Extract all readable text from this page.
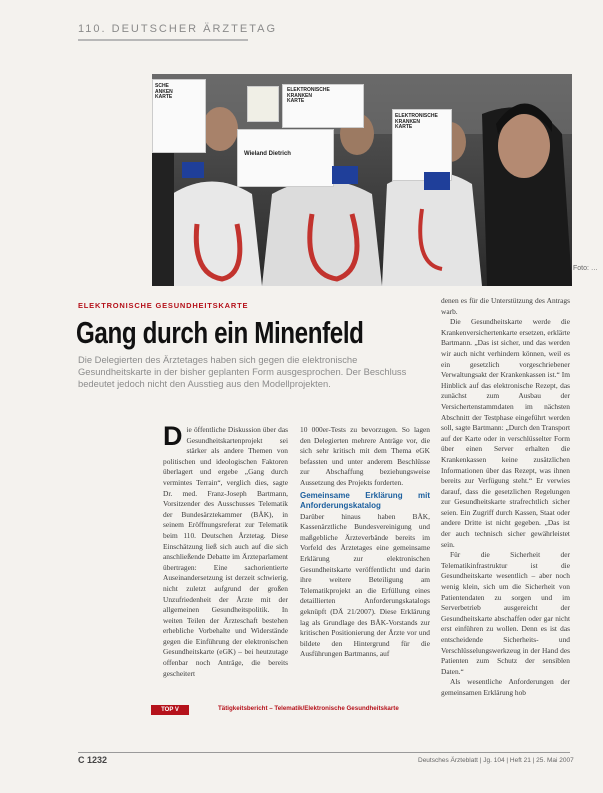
110. DEUTSCHER ÄRZTETAG
SCHE
ANKEN
KARTE
Wieland Dietrich
ELEKTRONISCHE
KRANKEN
KARTE
ELEKTRONISCHE
KRANKEN
KARTE
Foto: …
ELEKTRONISCHE GESUNDHEITSKARTE
Gang durch ein Minenfeld
Die Delegierten des Ärztetages haben sich gegen die elektronische Gesundheitskarte in der bisher geplanten Form ausgesprochen. Der Beschluss bedeutet jedoch nicht den Ausstieg aus den Modellprojekten.
D ie öffentliche Diskussion über das Gesundheitskartenprojekt sei stärker als andere Themen von politischen und ideologischen Faktoren überlagert und ergebe „Gang durch vermintes Terrain“, verglich dies, sagte Dr. med. Franz-Joseph Bartmann, Vorsitzender des Ausschusses Telematik der Bundesärztekammer (BÄK), in seinem Eröffnungsreferat zur Telematik beim 110. Deutschen Ärztetag. Diese Einschätzung ließ sich auch auf die sich anschließende Debatte im Ärzteparlament übertragen: Eine sachorientierte Auseinandersetzung ist derzeit schwierig, nicht zuletzt aufgrund der großen Unzufriedenheit der Ärzte mit der allgemeinen Gesundheitspolitik. In weiten Teilen der Ärzteschaft bestehen erhebliche Vorbehalte und Widerstände gegen die Einführung der elektronischen Gesundheitskarte (eGK) – bei heutzutage offenbar noch Anträge, die bereits gescheitert

10 000er-Tests zu bevorzugen. So lagen den Delegierten mehrere Anträge vor, die sich sehr kritisch mit dem Thema eGK befassten und unter anderem Beschlüsse zur Abschaffung beziehungsweise Aussetzung des Projekts forderten.

Gemeinsame Erklärung mit Anforderungskatalog

Darüber hinaus haben BÄK, Kassenärztliche Bundesvereinigung und maßgebliche Ärzteverbände bereits im Vorfeld des Ärztetages eine gemeinsame Erklärung zur elektronischen Gesundheitskarte veröffentlicht und darin ihre weitere Beteiligung am Telematikprojekt an die Erfüllung eines detaillierten Anforderungskatalogs geknüpft (DÄ 21/2007). Diese Erklärung lag als Grundlage des BÄK-Vorstands zur kritischen Positionierung der Ärzte vor und bildete den Hintergrund für die Ausführungen Bartmanns, auf

denen es für die Unterstützung des Antrags warb.

Die Gesundheitskarte werde die Krankenversichertenkarte ersetzen, erklärte Bartmann. „Das ist sicher, und das werden wir auch nicht verhindern können, weil es ein gesetzlich vorgeschriebener Verwaltungsakt der Krankenkassen ist.“ Im Hinblick auf das elektronische Rezept, das zunächst zum Ausbau der Versichertenstammdaten im nächsten Abschnitt der Testphase eingeführt werden soll, sagte Bartmann: „Durch den Transport auf der Karte oder in verschlüsselter Form über einen Server erhalten die Krankenkassen keine zusätzlichen Informationen über das Rezept, was ihnen bereits zur Verfügung steht.“ Er verwies darauf, dass die gesetzlichen Regelungen zur Gesundheitskarte strafrechtlich sicher seien. Ein Zugriff durch Kassen, Staat oder andere Dritte ist nicht gegeben. „Das ist der auch technisch sicher gewährleistet sein.

Für die Sicherheit der Telematikinfrastruktur ist die Gesundheitskarte wesentlich – aber noch wenig klein, sich um die Sicherheit von Patientendaten zu sorgen und im Serverbetrieb ausgereicht der Gesundheitskarte abschaffen oder gar nicht erst einführen zu wollen. Denn es ist das entscheidende Sicherheits- und Verschlüsselungswerkzeug in der Hand des Patienten zum Schutz der sensiblen Daten.“

Als wesentliche Anforderungen der gemeinsamen Erklärung hob

TOP V	Tätigkeitsbericht – Telematik/Elektronische Gesundheitskarte
C 1232	Deutsches Ärzteblatt | Jg. 104 | Heft 21 | 25. Mai 2007
